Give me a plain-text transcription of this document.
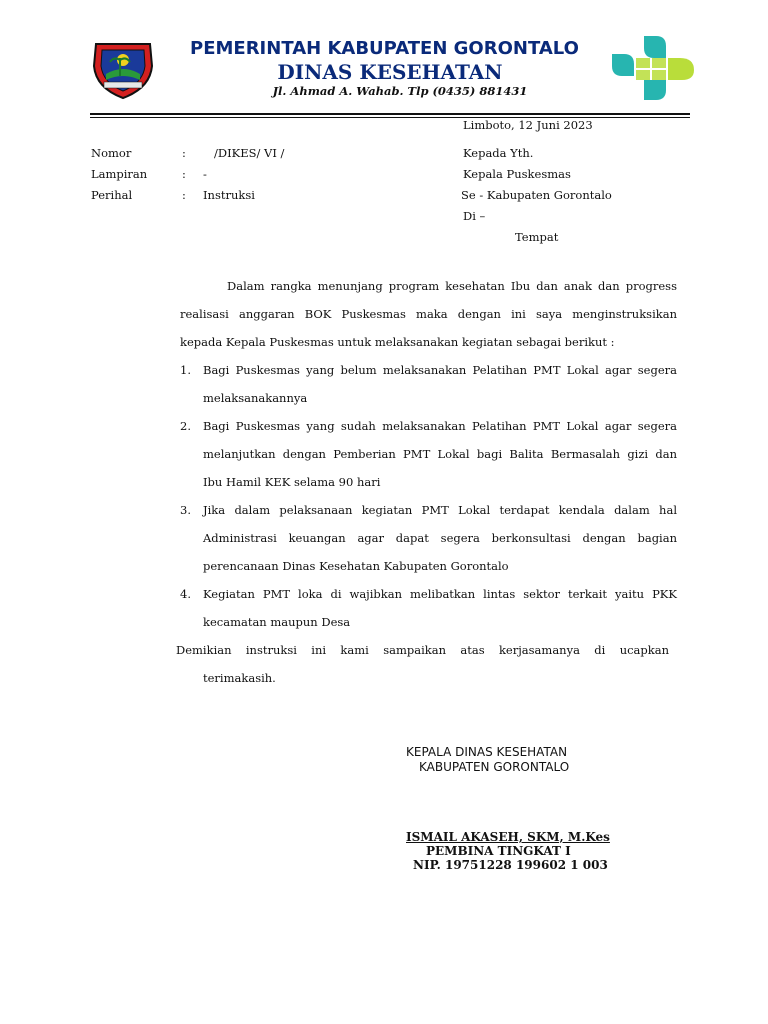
PEMERINTAH KABUPATEN GORONTALO
DINAS KESEHATAN
Jl. Ahmad A. Wahab. Tlp (0435) 881431
Limboto, 12 Juni 2023
Nomor	: /DIKES/ VI /
Lampiran	: -
Perihal	: Instruksi
Kepada Yth.
Kepala Puskesmas
Se - Kabupaten Gorontalo
Di –
Tempat
Dalam rangka menunjang program kesehatan Ibu dan anak dan progress
realisasi anggaran BOK Puskesmas maka dengan ini saya menginstruksikan
kepada Kepala Puskesmas untuk melaksanakan kegiatan sebagai berikut :
1. Bagi Puskesmas yang belum melaksanakan Pelatihan PMT Lokal agar segera
melaksanakannya
2. Bagi Puskesmas yang sudah melaksanakan Pelatihan PMT Lokal agar segera
melanjutkan dengan Pemberian PMT Lokal bagi Balita Bermasalah gizi dan
Ibu Hamil KEK selama 90 hari
3. Jika dalam pelaksanaan kegiatan PMT Lokal terdapat kendala dalam hal
Administrasi keuangan agar dapat segera berkonsultasi dengan bagian
perencanaan Dinas Kesehatan Kabupaten Gorontalo
4. Kegiatan PMT loka di wajibkan melibatkan lintas sektor terkait yaitu PKK
kecamatan maupun Desa
Demikian instruksi ini kami sampaikan atas kerjasamanya di ucapkan
terimakasih.
KEPALA DINAS KESEHATAN
KABUPATEN GORONTALO
ISMAIL AKASEH, SKM, M.Kes
PEMBINA TINGKAT I
NIP. 19751228 199602 1 003
